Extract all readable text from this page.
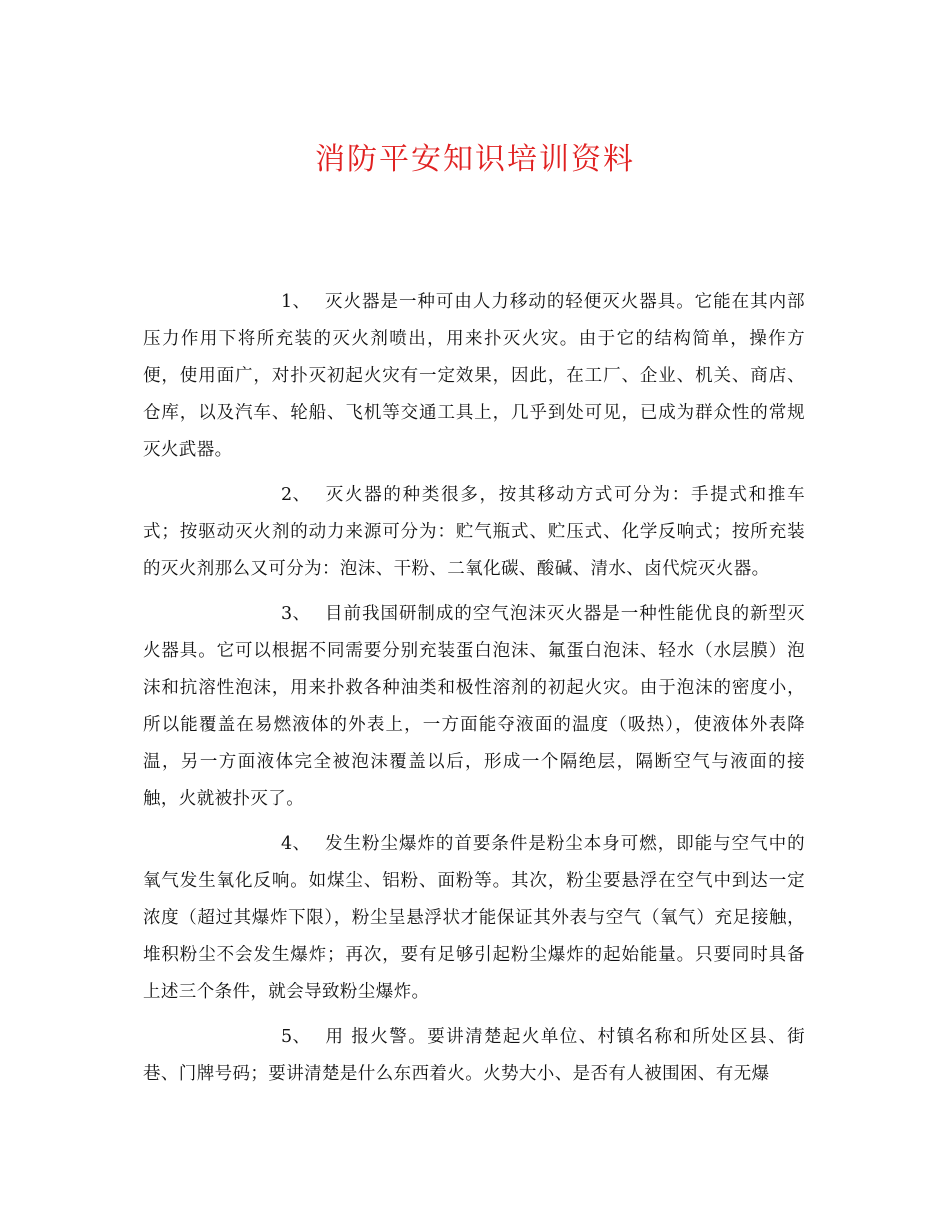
消防平安知识培训资料

1、 灭火器是一种可由人力移动的轻便灭火器具。它能在其内部压力作用下将所充装的灭火剂喷出，用来扑灭火灾。由于它的结构简单，操作方便，使用面广，对扑灭初起火灾有一定效果，因此，在工厂、企业、机关、商店、仓库，以及汽车、轮船、飞机等交通工具上，几乎到处可见，已成为群众性的常规灭火武器。

2、 灭火器的种类很多，按其移动方式可分为：手提式和推车式；按驱动灭火剂的动力来源可分为：贮气瓶式、贮压式、化学反响式；按所充装的灭火剂那么又可分为：泡沫、干粉、二氧化碳、酸碱、清水、卤代烷灭火器。

3、 目前我国研制成的空气泡沫灭火器是一种性能优良的新型灭火器具。它可以根据不同需要分别充装蛋白泡沫、氟蛋白泡沫、轻水（水层膜）泡沫和抗溶性泡沫，用来扑救各种油类和极性溶剂的初起火灾。由于泡沫的密度小，所以能覆盖在易燃液体的外表上，一方面能夺液面的温度（吸热），使液体外表降温，另一方面液体完全被泡沫覆盖以后，形成一个隔绝层，隔断空气与液面的接触，火就被扑灭了。

4、 发生粉尘爆炸的首要条件是粉尘本身可燃，即能与空气中的氧气发生氧化反响。如煤尘、铝粉、面粉等。其次，粉尘要悬浮在空气中到达一定浓度（超过其爆炸下限），粉尘呈悬浮状才能保证其外表与空气（氧气）充足接触，堆积粉尘不会发生爆炸；再次，要有足够引起粉尘爆炸的起始能量。只要同时具备上述三个条件，就会导致粉尘爆炸。

5、 用 报火警。要讲清楚起火单位、村镇名称和所处区县、街巷、门牌号码；要讲清楚是什么东西着火。火势大小、是否有人被围困、有无爆
